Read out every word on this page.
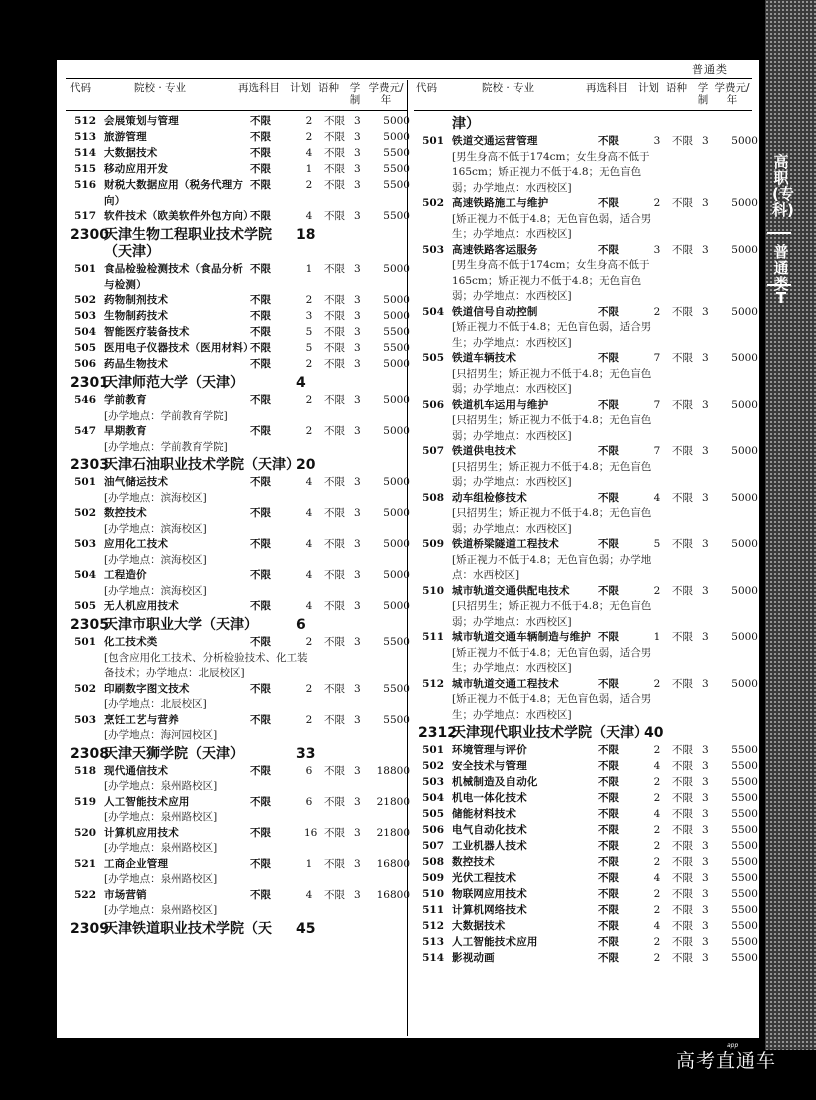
高职(专科)
普通类
T
普通类
代码	院校 · 专业	再选科目 计划 语种 学制
学费元/年
代码	院校 · 专业	再选科目 计划 语种 学制
学费元/年
512 会展策划与管理	不限	2 不限 3	5000
513 旅游管理	不限	2 不限 3	5000
514 大数据技术	不限	4 不限 3	5500
515 移动应用开发	不限	1 不限 3	5500
516 财税大数据应用（税务代理方向）
不限	2 不限 3	5500
517 软件技术（欧美软件外包方向）
不限	4 不限 3	5500
2300
天津生物工程职业技术学院（天津）
18
501 食品检验检测技术（食品分析与检测）
不限	1 不限 3	5000
502 药物制剂技术	不限	2 不限 3	5000
503 生物制药技术	不限	3 不限 3	5000
504 智能医疗装备技术	不限	5 不限 3	5500
505 医用电子仪器技术（医用材料）
不限	5 不限 3	5500
506 药品生物技术	不限	2 不限 3	5000
2301
天津师范大学（天津）	4
546 学前教育	不限	2 不限 3	5000
[办学地点：学前教育学院]
547 早期教育	不限	2 不限 3	5000
[办学地点：学前教育学院]
2303
天津石油职业技术学院（天津）
20
501 油气储运技术	不限	4 不限 3	5000
[办学地点：滨海校区]
502 数控技术	不限	4 不限 3	5000
[办学地点：滨海校区]
503 应用化工技术	不限	4 不限 3	5000
[办学地点：滨海校区]
504 工程造价	不限	4 不限 3	5000
[办学地点：滨海校区]
505 无人机应用技术	不限	4 不限 3	5000
2305
天津市职业大学（天津）	6
501 化工技术类	不限	2 不限 3	5500
[包含应用化工技术、分析检验技术、化工装备技术；办学地点：北辰校区]
502 印刷数字图文技术	不限	2 不限 3	5500
[办学地点：北辰校区]
503 烹饪工艺与营养	不限	2 不限 3	5500
[办学地点：海河园校区]
2308
天津天狮学院（天津）	33
518 现代通信技术	不限	6 不限 3	18800
[办学地点：泉州路校区]
519 人工智能技术应用	不限	6 不限 3	21800
[办学地点：泉州路校区]
520 计算机应用技术	不限	16 不限 3	21800
[办学地点：泉州路校区]
521 工商企业管理	不限	1 不限 3	16800
[办学地点：泉州路校区]
522 市场营销	不限	4 不限 3	16800
[办学地点：泉州路校区]
2309
天津铁道职业技术学院（天	45
津）
501 铁道交通运营管理	不限	3 不限 3	5000
[男生身高不低于174cm；女生身高不低于165cm；矫正视力不低于4.8；无色盲色弱；办学地点：水西校区]
502 高速铁路施工与维护	不限	2 不限 3	5000
[矫正视力不低于4.8；无色盲色弱，适合男生；办学地点：水西校区]
503 高速铁路客运服务	不限	3 不限 3	5000
[男生身高不低于174cm；女生身高不低于165cm；矫正视力不低于4.8；无色盲色弱；办学地点：水西校区]
504 铁道信号自动控制	不限	2 不限 3	5000
[矫正视力不低于4.8；无色盲色弱，适合男生；办学地点：水西校区]
505 铁道车辆技术	不限	7 不限 3	5000
[只招男生；矫正视力不低于4.8；无色盲色弱；办学地点：水西校区]
506 铁道机车运用与维护	不限	7 不限 3	5000
[只招男生；矫正视力不低于4.8；无色盲色弱；办学地点：水西校区]
507 铁道供电技术	不限	7 不限 3	5000
[只招男生；矫正视力不低于4.8；无色盲色弱；办学地点：水西校区]
508 动车组检修技术	不限	4 不限 3	5000
[只招男生；矫正视力不低于4.8；无色盲色弱；办学地点：水西校区]
509 铁道桥梁隧道工程技术	不限	5 不限 3	5000
[矫正视力不低于4.8；无色盲色弱；办学地点：水西校区]
510 城市轨道交通供配电技术	不限	2 不限 3	5000
[只招男生；矫正视力不低于4.8；无色盲色弱；办学地点：水西校区]
511 城市轨道交通车辆制造与维护 不限	1 不限 3	5000
[矫正视力不低于4.8；无色盲色弱，适合男生；办学地点：水西校区]
512 城市轨道交通工程技术	不限	2 不限 3	5000
[矫正视力不低于4.8；无色盲色弱，适合男生；办学地点：水西校区]
2312
天津现代职业技术学院（天津）
40
501 环境管理与评价	不限	2 不限 3	5500
502 安全技术与管理	不限	4 不限 3	5500
503 机械制造及自动化	不限	2 不限 3	5500
504 机电一体化技术	不限	2 不限 3	5500
505 储能材料技术	不限	4 不限 3	5500
506 电气自动化技术	不限	2 不限 3	5500
507 工业机器人技术	不限	2 不限 3	5500
508 数控技术	不限	2 不限 3	5500
509 光伏工程技术	不限	4 不限 3	5500
510 物联网应用技术	不限	2 不限 3	5500
511 计算机网络技术	不限	2 不限 3	5500
512 大数据技术	不限	4 不限 3	5500
513 人工智能技术应用	不限	2 不限 3	5500
514 影视动画	不限	2 不限 3	5500
app
高考直通车
